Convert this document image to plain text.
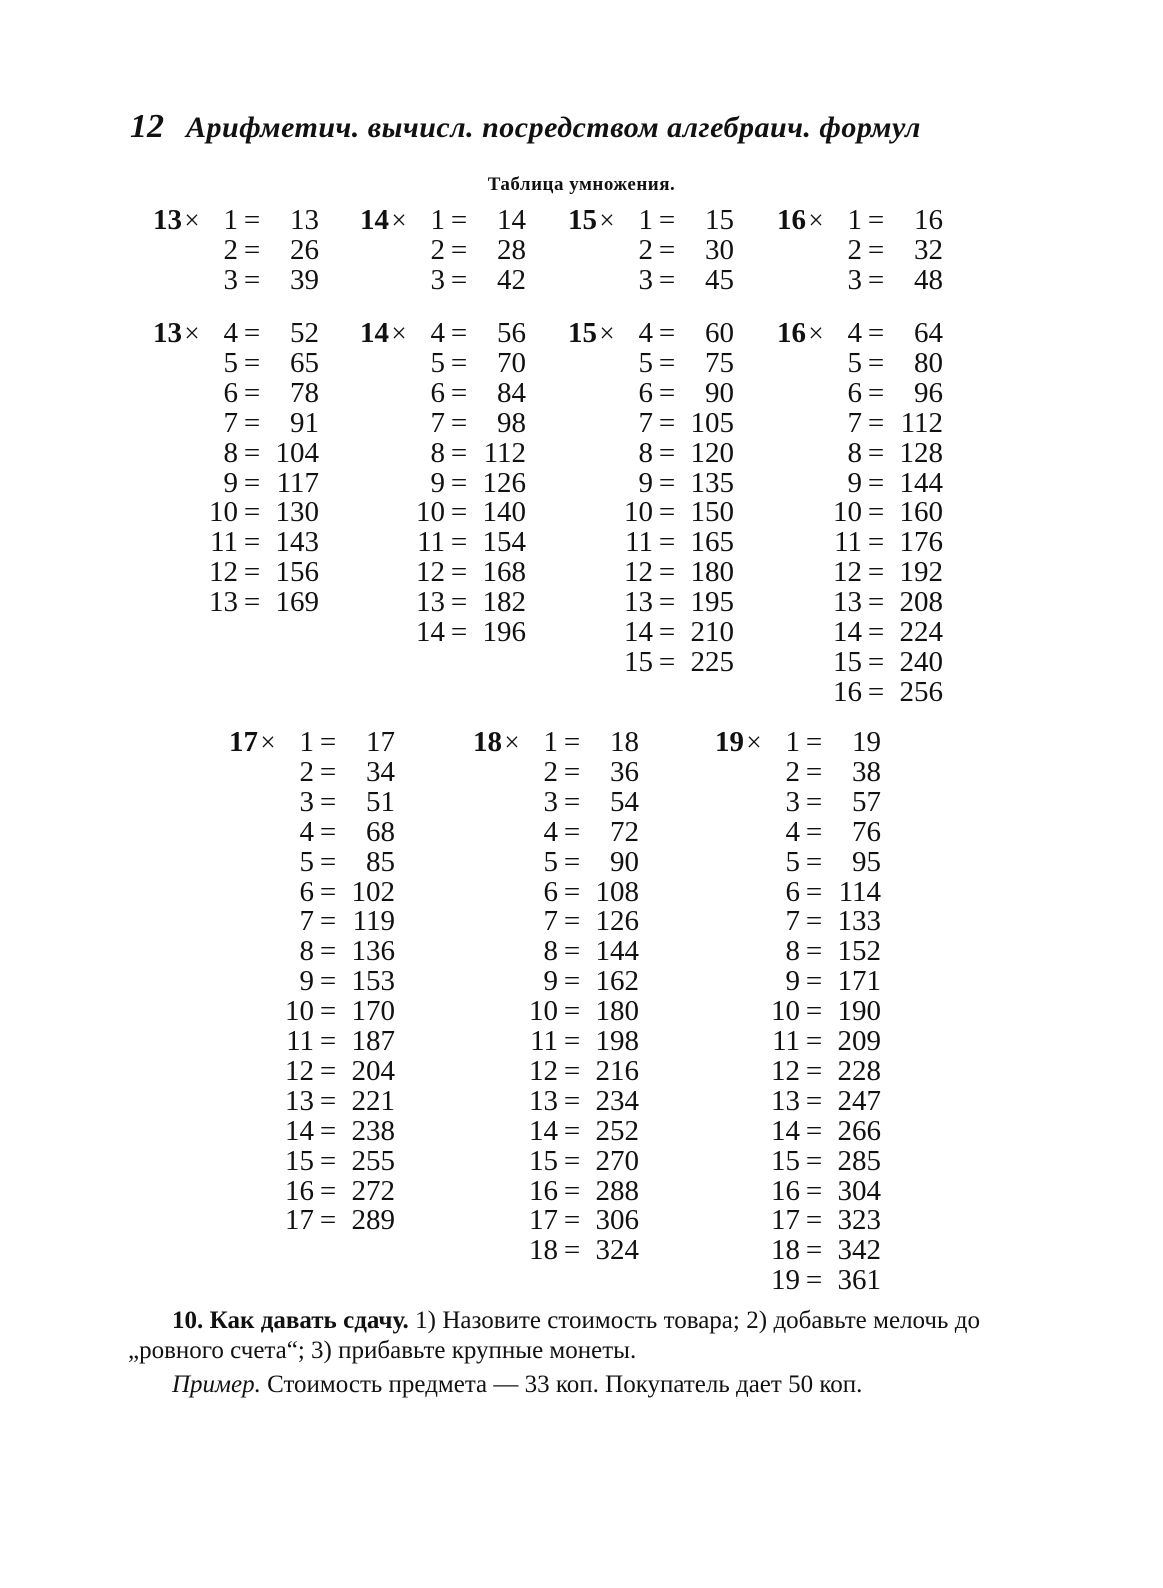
12 Арифметич. вычисл. посредством алгебраич. формул
Таблица умножения.
13 × 1 =	13
2 =	26
3 =	39
14 × 1 =	14
2 =	28
3 =	42
15 × 1 =	15
2 =	30
3 =	45
16 × 1 =	16
2 =	32
3 =	48
13 × 4 =	52
5 =	65
6 =	78
7 =	91
8 = 104
9 = 117
10 = 130
11 = 143
12 = 156
13 = 169
14 × 4 =	56
5 =	70
6 =	84
7 =	98
8 = 112
9 = 126
10 = 140
11 = 154
12 = 168
13 = 182
14 = 196
15 × 4 =	60
5 =	75
6 =	90
7 = 105
8 = 120
9 = 135
10 = 150
11 = 165
12 = 180
13 = 195
14 = 210
15 = 225
16 × 4 =	64
5 =	80
6 =	96
7 = 112
8 = 128
9 = 144
10 = 160
11 = 176
12 = 192
13 = 208
14 = 224
15 = 240
16 = 256
17 × 1 =	17
2 =	34
3 =	51
4 =	68
5 =	85
6 = 102
7 = 119
8 = 136
9 = 153
10 = 170
11 = 187
12 = 204
13 = 221
14 = 238
15 = 255
16 = 272
17 = 289
18 × 1 =	18
2 =	36
3 =	54
4 =	72
5 =	90
6 = 108
7 = 126
8 = 144
9 = 162
10 = 180
11 = 198
12 = 216
13 = 234
14 = 252
15 = 270
16 = 288
17 = 306
18 = 324
19 × 1 =	19
2 =	38
3 =	57
4 =	76
5 =	95
6 = 114
7 = 133
8 = 152
9 = 171
10 = 190
11 = 209
12 = 228
13 = 247
14 = 266
15 = 285
16 = 304
17 = 323
18 = 342
19 = 361

10. Как давать сдачу. 1) Назовите стоимость товара; 2) добавьте мелочь до „ровного счета“; 3) прибавьте крупные монеты.

Пример. Стоимость предмета — 33 коп. Покупатель дает 50 коп.
